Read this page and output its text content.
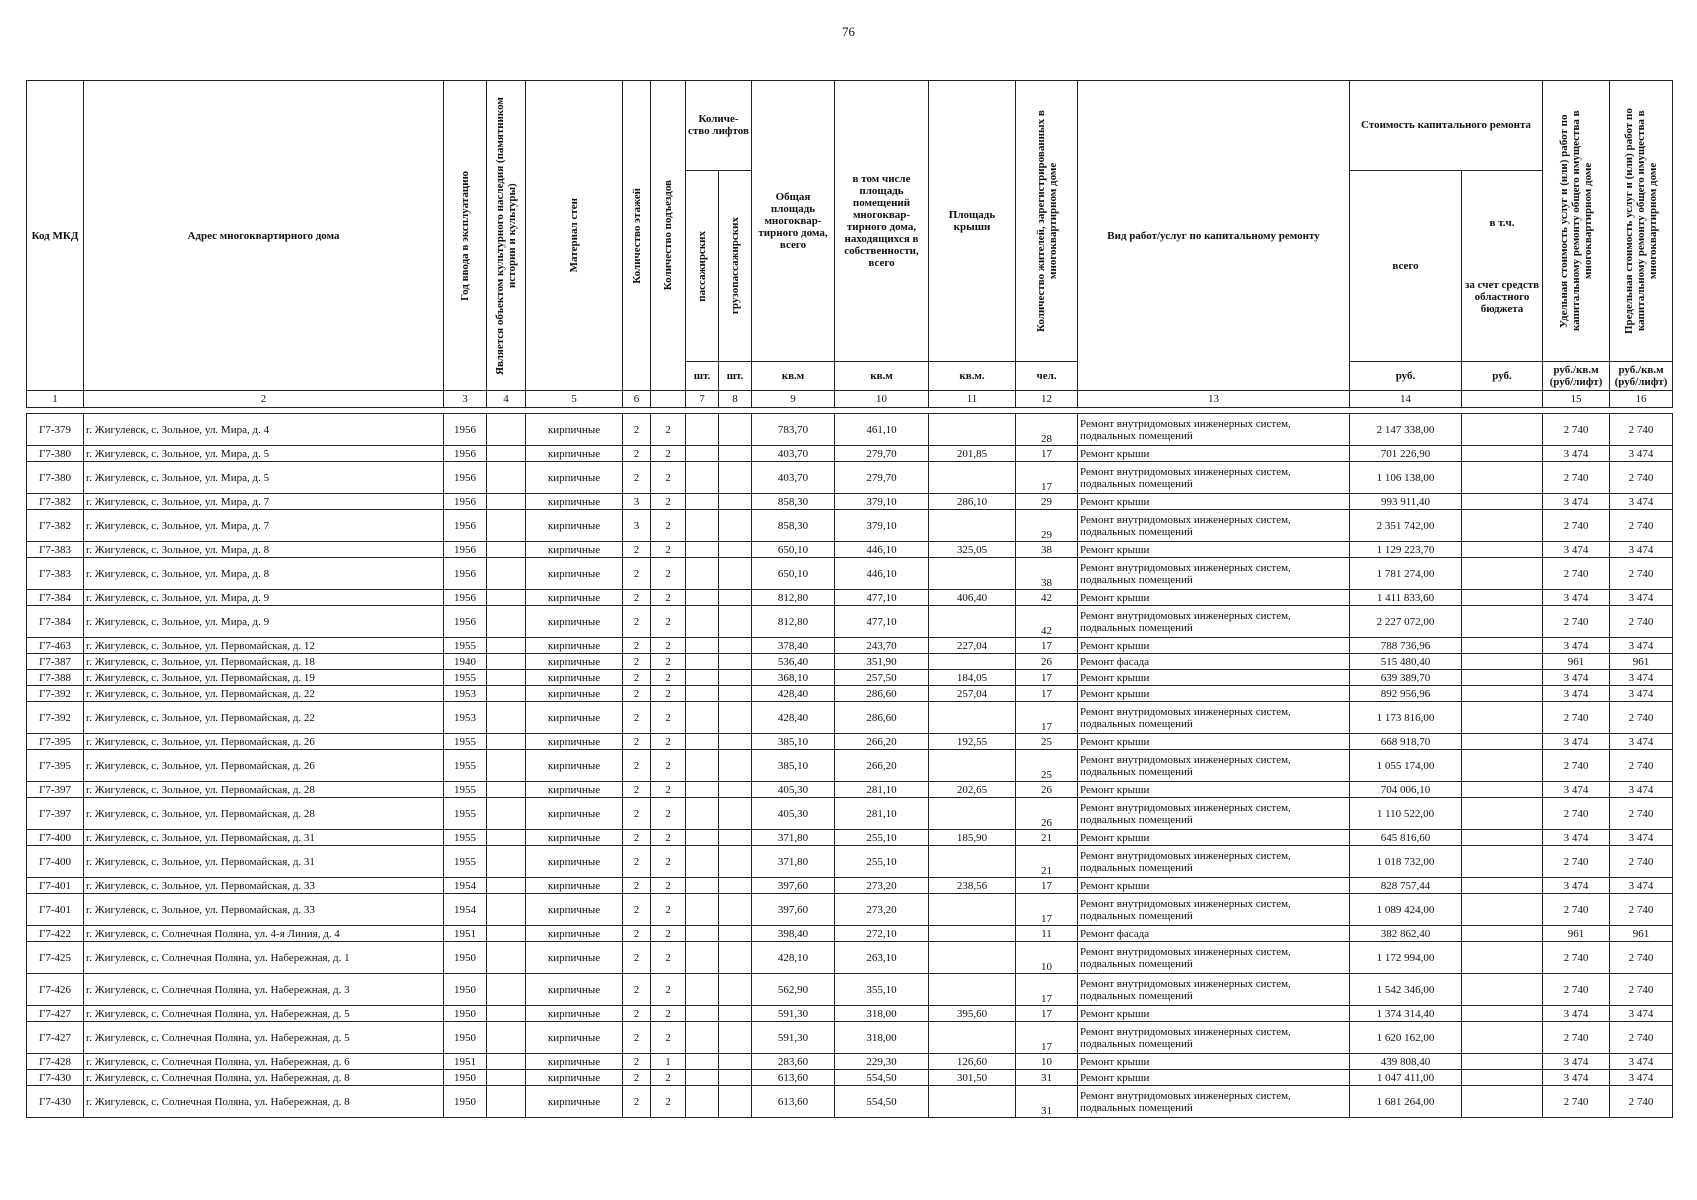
76
Код МКД	Адрес многоквартирного дома	Год ввода в эксплуатацию	Является объектом культурного наследия (памятником истории и культуры)	Материал стен	Количество этажей	Количество подъездов	Количе- ство лифтов		Общая площадь многоквар- тирного дома, всего	в том числе площадь помещений многоквар- тирного дома, находящихся в собственности, всего	Площадь крыши	Количество жителей, зарегистрированных в многоквартирном доме	Вид работ/услуг по капитальному ремонту	Стоимость капитального ремонта		Удельная стоимость услуг и (или) работ по капитальному ремонту общего имущества в многоквартирном доме	Предельная стоимость услуг и (или) работ по капитальному ремонту общего имущества в многоквартирном доме

							пассажирских	грузопассажирских						всего	в т.ч.
за счет средств областного бюджета		

							шт.	шт.	кв.м	кв.м	кв.м.	чел.		руб.	руб.	руб./кв.м (руб/лифт)	руб./кв.м (руб/лифт)
1	2	3	4	5	6		7	8	9	10	11	12	13	14		15	16

Г7-379	г. Жигулевск, с. Зольное, ул. Мира, д. 4	1956		кирпичные	2	2			783,70	461,10		28	Ремонт внутридомовых инженерных систем, подвальных помещений	2 147 338,00		2 740	2 740
Г7-380	г. Жигулевск, с. Зольное, ул. Мира, д. 5	1956		кирпичные	2	2			403,70	279,70	201,85	17	Ремонт крыши	701 226,90		3 474	3 474
Г7-380	г. Жигулевск, с. Зольное, ул. Мира, д. 5	1956		кирпичные	2	2			403,70	279,70		17	Ремонт внутридомовых инженерных систем, подвальных помещений	1 106 138,00		2 740	2 740
Г7-382	г. Жигулевск, с. Зольное, ул. Мира, д. 7	1956		кирпичные	3	2			858,30	379,10	286,10	29	Ремонт крыши	993 911,40		3 474	3 474
Г7-382	г. Жигулевск, с. Зольное, ул. Мира, д. 7	1956		кирпичные	3	2			858,30	379,10		29	Ремонт внутридомовых инженерных систем, подвальных помещений	2 351 742,00		2 740	2 740
Г7-383	г. Жигулевск, с. Зольное, ул. Мира, д. 8	1956		кирпичные	2	2			650,10	446,10	325,05	38	Ремонт крыши	1 129 223,70		3 474	3 474
Г7-383	г. Жигулевск, с. Зольное, ул. Мира, д. 8	1956		кирпичные	2	2			650,10	446,10		38	Ремонт внутридомовых инженерных систем, подвальных помещений	1 781 274,00		2 740	2 740
Г7-384	г. Жигулевск, с. Зольное, ул. Мира, д. 9	1956		кирпичные	2	2			812,80	477,10	406,40	42	Ремонт крыши	1 411 833,60		3 474	3 474
Г7-384	г. Жигулевск, с. Зольное, ул. Мира, д. 9	1956		кирпичные	2	2			812,80	477,10		42	Ремонт внутридомовых инженерных систем, подвальных помещений	2 227 072,00		2 740	2 740
Г7-463	г. Жигулевск, с. Зольное, ул. Первомайская, д. 12	1955		кирпичные	2	2			378,40	243,70	227,04	17	Ремонт крыши	788 736,96		3 474	3 474
Г7-387	г. Жигулевск, с. Зольное, ул. Первомайская, д. 18	1940		кирпичные	2	2			536,40	351,90		26	Ремонт фасада	515 480,40		961	961
Г7-388	г. Жигулевск, с. Зольное, ул. Первомайская, д. 19	1955		кирпичные	2	2			368,10	257,50	184,05	17	Ремонт крыши	639 389,70		3 474	3 474
Г7-392	г. Жигулевск, с. Зольное, ул. Первомайская, д. 22	1953		кирпичные	2	2			428,40	286,60	257,04	17	Ремонт крыши	892 956,96		3 474	3 474
Г7-392	г. Жигулевск, с. Зольное, ул. Первомайская, д. 22	1953		кирпичные	2	2			428,40	286,60		17	Ремонт внутридомовых инженерных систем, подвальных помещений	1 173 816,00		2 740	2 740
Г7-395	г. Жигулевск, с. Зольное, ул. Первомайская, д. 26	1955		кирпичные	2	2			385,10	266,20	192,55	25	Ремонт крыши	668 918,70		3 474	3 474
Г7-395	г. Жигулевск, с. Зольное, ул. Первомайская, д. 26	1955		кирпичные	2	2			385,10	266,20		25	Ремонт внутридомовых инженерных систем, подвальных помещений	1 055 174,00		2 740	2 740
Г7-397	г. Жигулевск, с. Зольное, ул. Первомайская, д. 28	1955		кирпичные	2	2			405,30	281,10	202,65	26	Ремонт крыши	704 006,10		3 474	3 474
Г7-397	г. Жигулевск, с. Зольное, ул. Первомайская, д. 28	1955		кирпичные	2	2			405,30	281,10		26	Ремонт внутридомовых инженерных систем, подвальных помещений	1 110 522,00		2 740	2 740
Г7-400	г. Жигулевск, с. Зольное, ул. Первомайская, д. 31	1955		кирпичные	2	2			371,80	255,10	185,90	21	Ремонт крыши	645 816,60		3 474	3 474
Г7-400	г. Жигулевск, с. Зольное, ул. Первомайская, д. 31	1955		кирпичные	2	2			371,80	255,10		21	Ремонт внутридомовых инженерных систем, подвальных помещений	1 018 732,00		2 740	2 740
Г7-401	г. Жигулевск, с. Зольное, ул. Первомайская, д. 33	1954		кирпичные	2	2			397,60	273,20	238,56	17	Ремонт крыши	828 757,44		3 474	3 474
Г7-401	г. Жигулевск, с. Зольное, ул. Первомайская, д. 33	1954		кирпичные	2	2			397,60	273,20		17	Ремонт внутридомовых инженерных систем, подвальных помещений	1 089 424,00		2 740	2 740
Г7-422	г. Жигулевск, с. Солнечная Поляна, ул. 4-я Линия, д. 4	1951		кирпичные	2	2			398,40	272,10		11	Ремонт фасада	382 862,40		961	961
Г7-425	г. Жигулевск, с. Солнечная Поляна, ул. Набережная, д. 1	1950		кирпичные	2	2			428,10	263,10		10	Ремонт внутридомовых инженерных систем, подвальных помещений	1 172 994,00		2 740	2 740
Г7-426	г. Жигулевск, с. Солнечная Поляна, ул. Набережная, д. 3	1950		кирпичные	2	2			562,90	355,10		17	Ремонт внутридомовых инженерных систем, подвальных помещений	1 542 346,00		2 740	2 740
Г7-427	г. Жигулевск, с. Солнечная Поляна, ул. Набережная, д. 5	1950		кирпичные	2	2			591,30	318,00	395,60	17	Ремонт крыши	1 374 314,40		3 474	3 474
Г7-427	г. Жигулевск, с. Солнечная Поляна, ул. Набережная, д. 5	1950		кирпичные	2	2			591,30	318,00		17	Ремонт внутридомовых инженерных систем, подвальных помещений	1 620 162,00		2 740	2 740
Г7-428	г. Жигулевск, с. Солнечная Поляна, ул. Набережная, д. 6	1951		кирпичные	2	1			283,60	229,30	126,60	10	Ремонт крыши	439 808,40		3 474	3 474
Г7-430	г. Жигулевск, с. Солнечная Поляна, ул. Набережная, д. 8	1950		кирпичные	2	2			613,60	554,50	301,50	31	Ремонт крыши	1 047 411,00		3 474	3 474
Г7-430	г. Жигулевск, с. Солнечная Поляна, ул. Набережная, д. 8	1950		кирпичные	2	2			613,60	554,50		31	Ремонт внутридомовых инженерных систем, подвальных помещений	1 681 264,00		2 740	2 740
